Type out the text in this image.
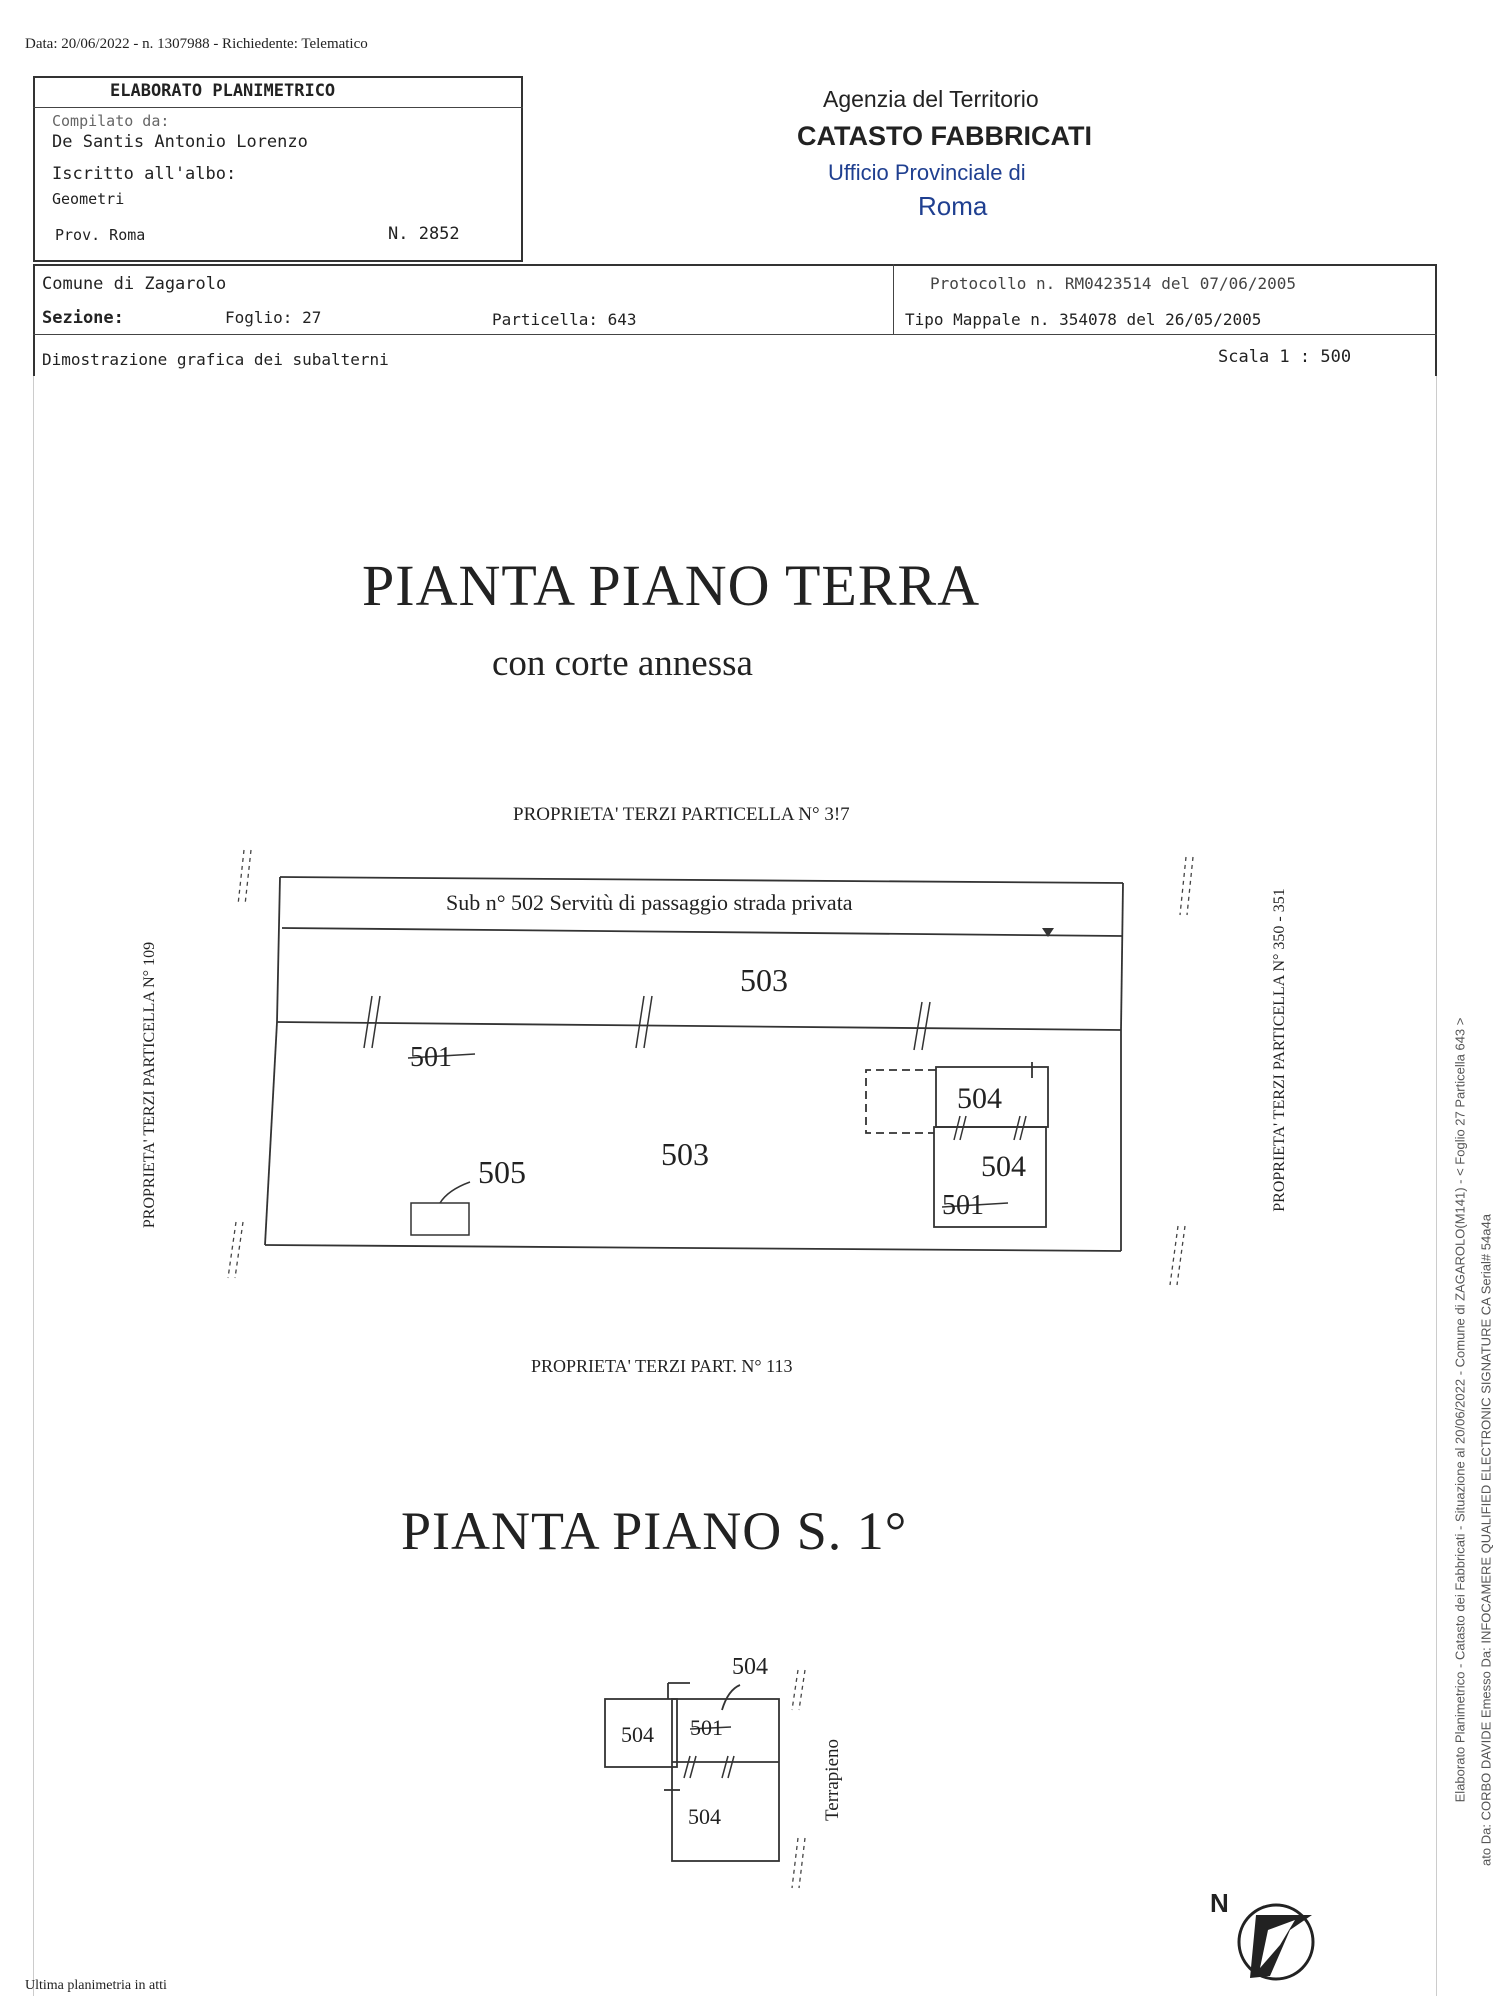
Data: 20/06/2022 - n. 1307988 - Richiedente: Telematico
ELABORATO PLANIMETRICO
Compilato da:
De Santis Antonio Lorenzo
Iscritto all'albo:
Geometri
Prov. Roma	N. 2852
Agenzia del Territorio
CATASTO FABBRICATI
Ufficio Provinciale di
Roma
Comune di Zagarolo
Sezione:	Foglio: 27	Particella: 643
Protocollo n. RM0423514 del 07/06/2005
Tipo Mappale n. 354078 del 26/05/2005
Dimostrazione grafica dei subalterni	Scala 1 : 500
PIANTA PIANO TERRA
con corte annessa
PROPRIETA' TERZI PARTICELLA N° 3!7
PROPRIETA' TERZI PART. N° 113
PROPRIETA' TERZI PARTICELLA N° 109	PROPRIETA' TERZI PARTICELLA N° 350 - 351
Sub n° 502 Servitù di passaggio strada privata
503
501
503
505
504
504
501
PIANTA PIANO S. 1°
504
504 501
504	Terrapieno
N
Ultima planimetria in atti
Elaborato Planimetrico - Catasto dei Fabbricati - Situazione al 20/06/2022 - Comune di ZAGAROLO(M141) - < Foglio 27 Particella 643 > ato Da: CORBO DAVIDE Emesso Da: INFOCAMERE QUALIFIED ELECTRONIC SIGNATURE CA Serial# 54a4a
